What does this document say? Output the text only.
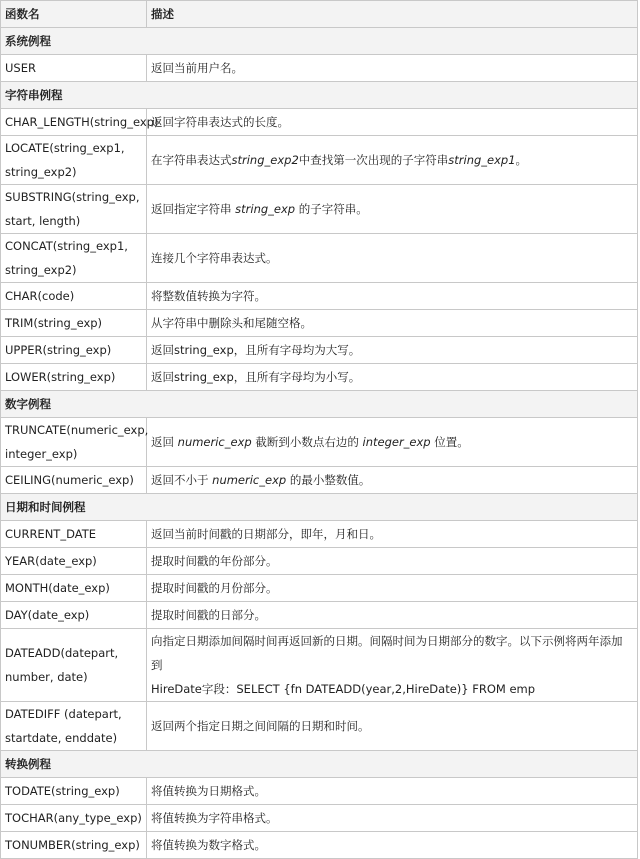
函数名	描述
系统例程	
USER	返回当前用户名。
字符串例程	
CHAR_LENGTH(string_exp)	返回字符串表达式的长度。
LOCATE(string_exp1,
string_exp2)	在字符串表达式string_exp2中查找第一次出现的子字符串string_exp1。
SUBSTRING(string_exp,
start, length)	返回指定字符串 string_exp 的子字符串。
CONCAT(string_exp1,
string_exp2)	连接几个字符串表达式。
CHAR(code)	将整数值转换为字符。
TRIM(string_exp)	从字符串中删除头和尾随空格。
UPPER(string_exp)	返回string_exp，且所有字母均为大写。
LOWER(string_exp)	返回string_exp，且所有字母均为小写。
数字例程	
TRUNCATE(numeric_exp,
integer_exp)	返回 numeric_exp 截断到小数点右边的 integer_exp 位置。
CEILING(numeric_exp)	返回不小于 numeric_exp 的最小整数值。
日期和时间例程	
CURRENT_DATE	返回当前时间戳的日期部分，即年，月和日。
YEAR(date_exp)	提取时间戳的年份部分。
MONTH(date_exp)	提取时间戳的月份部分。
DAY(date_exp)	提取时间戳的日部分。
DATEADD(datepart,
number, date)	向指定日期添加间隔时间再返回新的日期。间隔时间为日期部分的数字。以下示例将两年添加到
HireDate字段：SELECT {fn DATEADD(year,2,HireDate)} FROM emp
DATEDIFF (datepart,
startdate, enddate)	返回两个指定日期之间间隔的日期和时间。
转换例程	
TODATE(string_exp)	将值转换为日期格式。
TOCHAR(any_type_exp)	将值转换为字符串格式。
TONUMBER(string_exp)	将值转换为数字格式。
